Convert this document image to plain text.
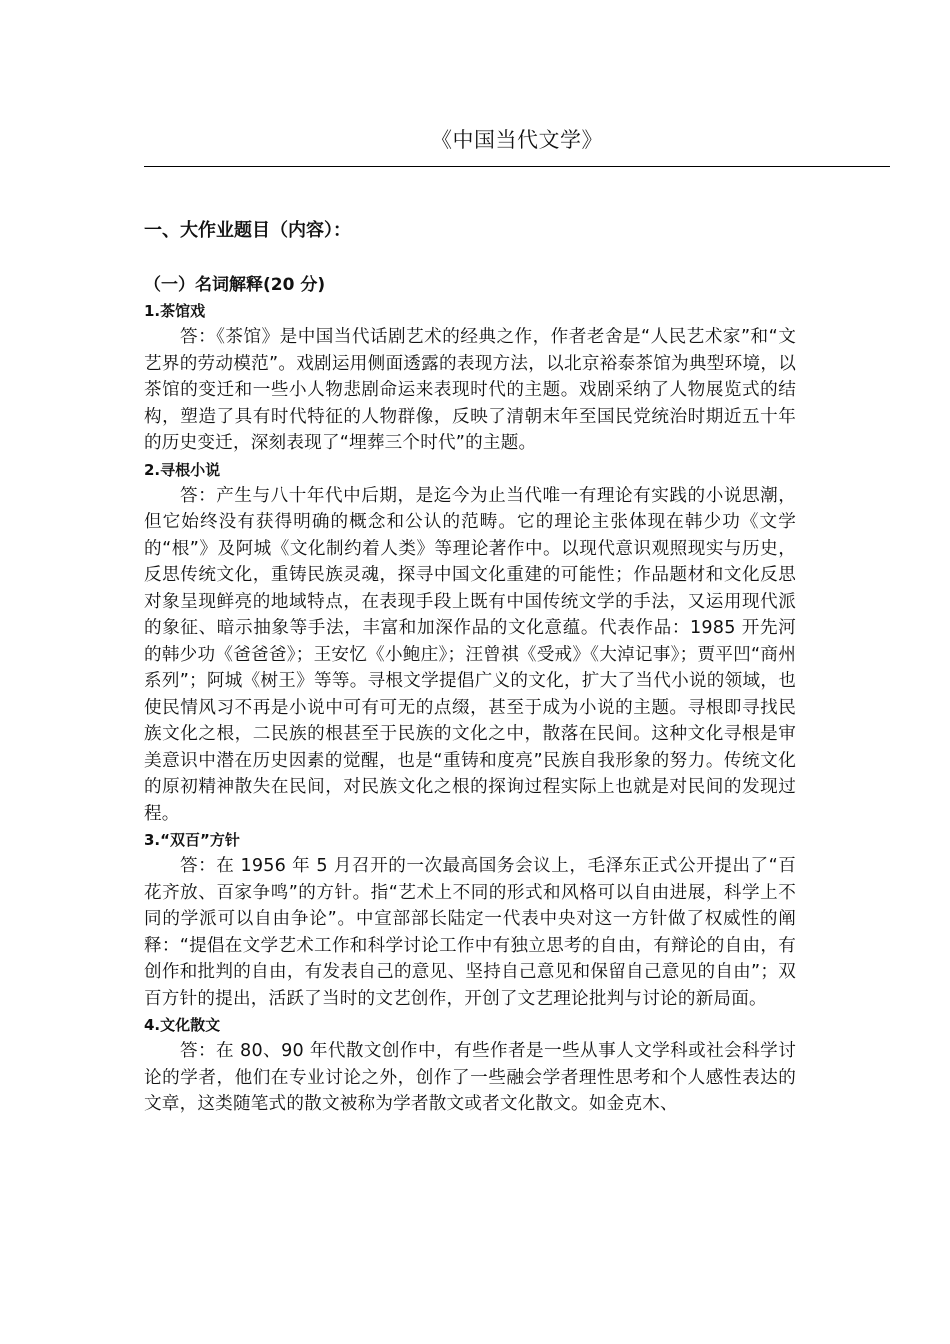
《中国当代文学》
一、大作业题目（内容）：
（一）名词解释(20 分)
1.茶馆戏
答：《茶馆》是中国当代话剧艺术的经典之作，作者老舍是“人民艺术家”和“文艺界的劳动模范”。戏剧运用侧面透露的表现方法，以北京裕泰茶馆为典型环境，以茶馆的变迁和一些小人物悲剧命运来表现时代的主题。戏剧采纳了人物展览式的结构，塑造了具有时代特征的人物群像，反映了清朝末年至国民党统治时期近五十年的历史变迁，深刻表现了“埋葬三个时代”的主题。
2.寻根小说
答：产生与八十年代中后期，是迄今为止当代唯一有理论有实践的小说思潮，但它始终没有获得明确的概念和公认的范畴。它的理论主张体现在韩少功《文学的“根”》及阿城《文化制约着人类》等理论著作中。以现代意识观照现实与历史，反思传统文化，重铸民族灵魂，探寻中国文化重建的可能性；作品题材和文化反思对象呈现鲜亮的地域特点，在表现手段上既有中国传统文学的手法，又运用现代派的象征、暗示抽象等手法，丰富和加深作品的文化意蕴。代表作品：1985 开先河的韩少功《爸爸爸》；王安忆《小鲍庄》；汪曾祺《受戒》《大淖记事》；贾平凹“商州系列”；阿城《树王》等等。寻根文学提倡广义的文化，扩大了当代小说的领域，也使民情风习不再是小说中可有可无的点缀，甚至于成为小说的主题。寻根即寻找民族文化之根，二民族的根甚至于民族的文化之中，散落在民间。这种文化寻根是审美意识中潜在历史因素的觉醒，也是“重铸和度亮”民族自我形象的努力。传统文化的原初精神散失在民间，对民族文化之根的探询过程实际上也就是对民间的发现过程。
3.“双百”方针
答：在 1956 年 5 月召开的一次最高国务会议上，毛泽东正式公开提出了“百花齐放、百家争鸣”的方针。指“艺术上不同的形式和风格可以自由进展，科学上不同的学派可以自由争论”。中宣部部长陆定一代表中央对这一方针做了权威性的阐释：“提倡在文学艺术工作和科学讨论工作中有独立思考的自由，有辩论的自由，有创作和批判的自由，有发表自己的意见、坚持自己意见和保留自己意见的自由”；双百方针的提出，活跃了当时的文艺创作，开创了文艺理论批判与讨论的新局面。
4.文化散文
答：在 80、90 年代散文创作中，有些作者是一些从事人文学科或社会科学讨论的学者，他们在专业讨论之外，创作了一些融会学者理性思考和个人感性表达的文章，这类随笔式的散文被称为学者散文或者文化散文。如金克木、
